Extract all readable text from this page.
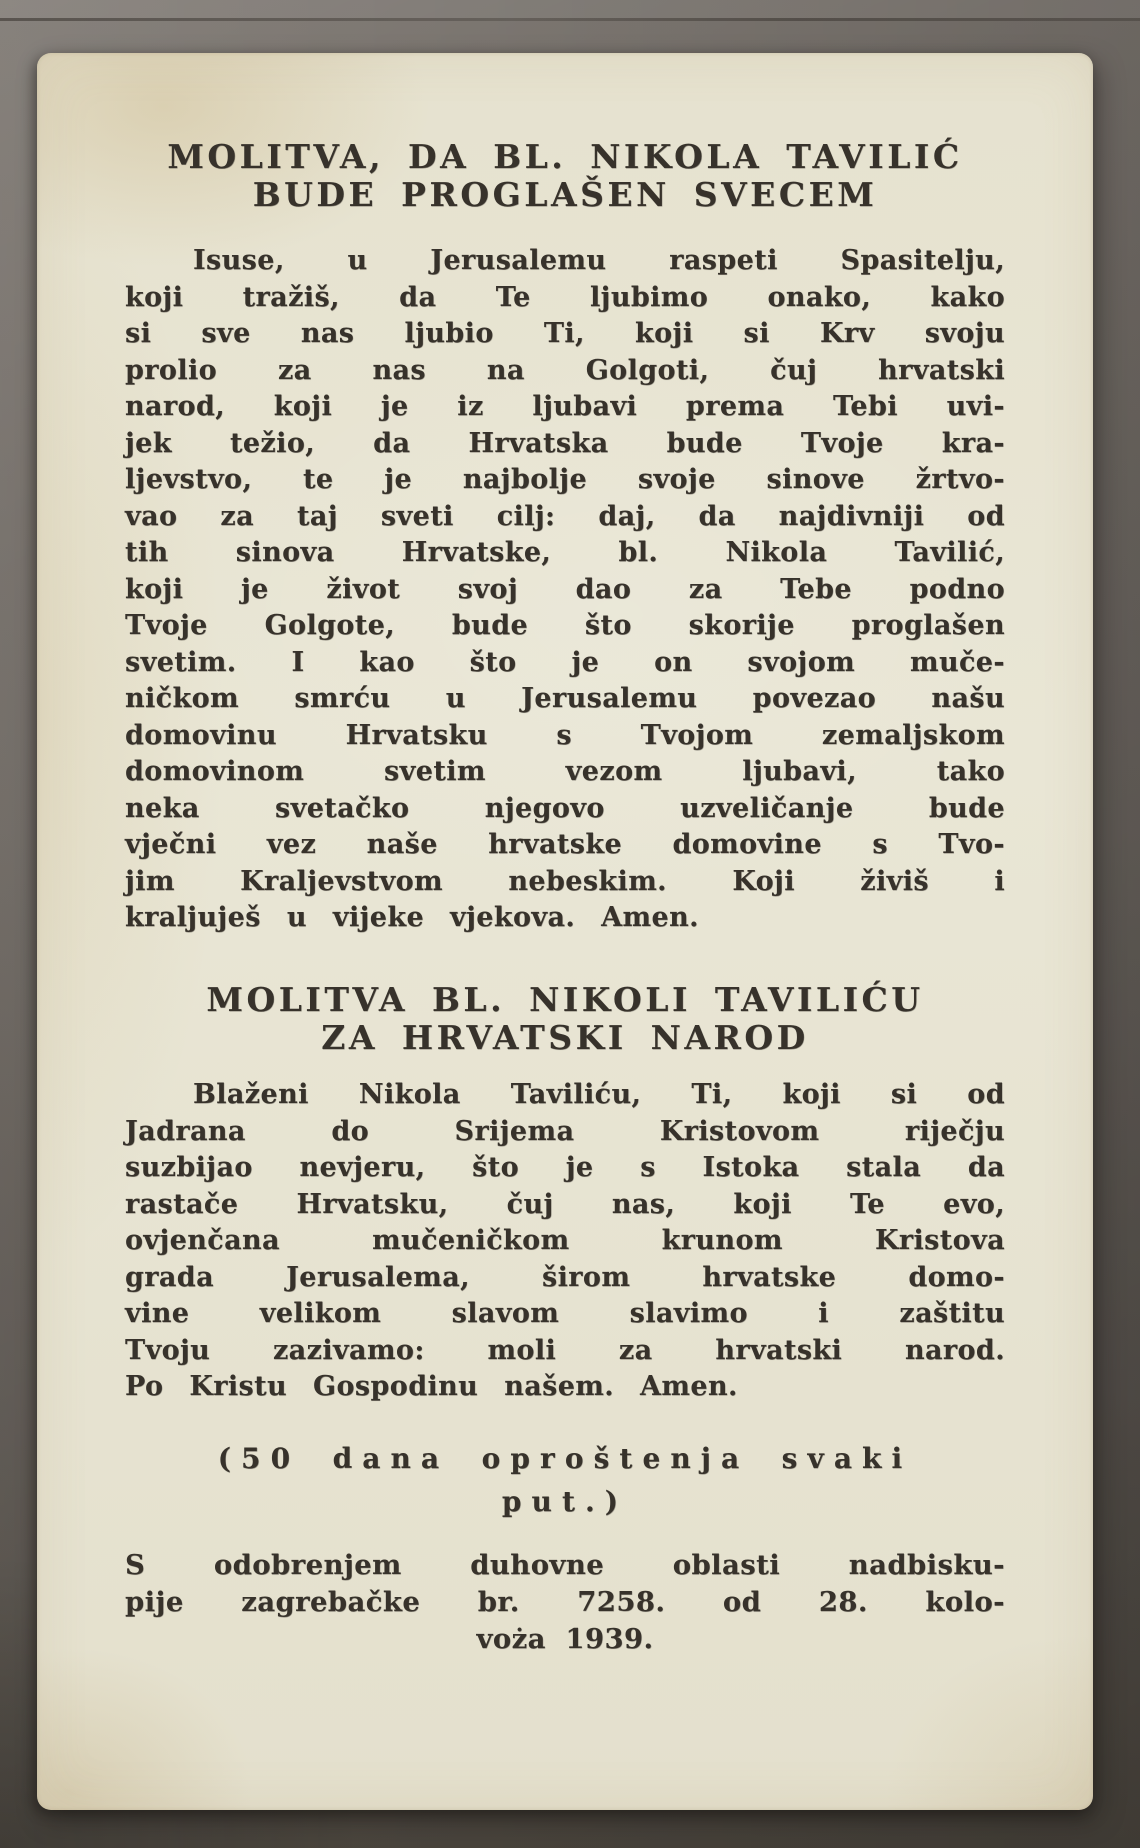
MOLITVA, DA BL. NIKOLA TAVILIĆ
BUDE PROGLAŠEN SVECEM
Isuse, u Jerusalemu raspeti Spasitelju,
koji tražiš, da Te ljubimo onako, kako
si sve nas ljubio Ti, koji si Krv svoju
prolio za nas na Golgoti, čuj hrvatski
narod, koji je iz ljubavi prema Tebi uvi-
jek težio, da Hrvatska bude Tvoje kra-
ljevstvo, te je najbolje svoje sinove žrtvo-
vao za taj sveti cilj: daj, da najdivniji od
tih sinova Hrvatske, bl. Nikola Tavilić,
koji je život svoj dao za Tebe podno
Tvoje Golgote, bude što skorije proglašen
svetim. I kao što je on svojom muče-
ničkom smrću u Jerusalemu povezao našu
domovinu Hrvatsku s Tvojom zemaljskom
domovinom svetim vezom ljubavi, tako
neka svetačko njegovo uzveličanje bude
vječni vez naše hrvatske domovine s Tvo-
jim Kraljevstvom nebeskim. Koji živiš i
kraljuješ u vijeke vjekova. Amen.
MOLITVA BL. NIKOLI TAVILIĆU
ZA HRVATSKI NAROD
Blaženi Nikola Taviliću, Ti, koji si od
Jadrana do Srijema Kristovom riječju
suzbijao nevjeru, što je s Istoka stala da
rastače Hrvatsku, čuj nas, koji Te evo,
ovjenčana mučeničkom krunom Kristova
grada Jerusalema, širom hrvatske domo-
vine velikom slavom slavimo i zaštitu
Tvoju zazivamo: moli za hrvatski narod.
Po Kristu Gospodinu našem. Amen.
(50 dana oproštenja svaki
put.)
S odobrenjem duhovne oblasti nadbisku-
pije zagrebačke br. 7258. od 28. kolo-
voża 1939.
